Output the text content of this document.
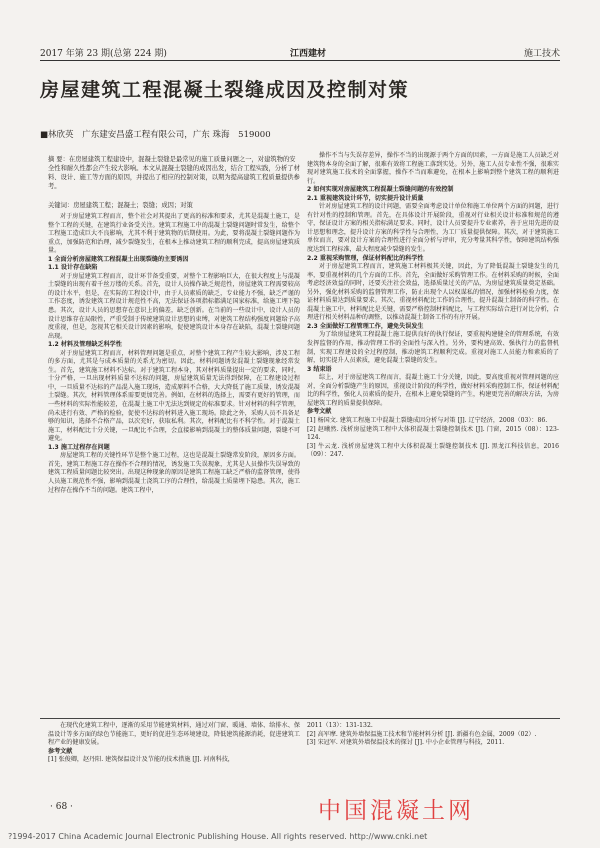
2017 年第 23 期(总第 224 期)	江西建材	施工技术
房屋建筑工程混凝土裂缝成因及控制对策
■林欣英 广东建安昌盛工程有限公司，广东 珠海 519000
摘 要：在房屋建筑工程建设中，混凝土裂缝是最常见的施工质量问题之一，对建筑物的安全性和耐久性都会产生较大影响。本文从混凝土裂缝的成因出发，结合工程实践，分析了材料、设计、施工等方面的原因，并提出了相应的控制对策，以期为提高建筑工程质量提供参考。
关键词：房屋建筑工程；混凝土；裂缝；成因；对策

对于房屋建筑工程而言，整个社会对其提出了更高的标准和要求，尤其是混凝土施工，是整个工程的关键，在建筑行业备受关注。建筑工程施工中的混凝土裂缝问题时常发生，给整个工程施工造成巨大不良影响，尤其不利于建筑物的后期使用。为此，要将混凝土裂缝问题作为重点，加强防范和治理，减少裂缝发生，在根本上推动建筑工程的顺利完成，提高房屋建筑质量。

1 全面分析房屋建筑工程混凝土出现裂缝的主要诱因

1.1 设计存在缺陷

对于房屋建筑工程而言，设计环节备受重要，对整个工程影响巨大，在很大程度上与混凝土裂缝的出现有着千丝万缕的关系。首先，设计人员操作缺乏规范性，房屋建筑工程需要较高的设计水平，但是，在实际的工程设计中，由于人员素质的缺乏，专业能力不强，缺乏严谨的工作态度，诱发建筑工程设计规范性不高，无法保证各项指标都满足国家标准，给施工埋下隐患。其次，设计人员的思想存在意识上的偏差，缺乏创新。在当前的一些设计中，设计人员的设计思维存在局限性，严重受制于传统建筑设计思想的束缚，对建筑工程结构强度问题给予高度重视，但是，忽视其它相关设计因素的影响，促使建筑设计本身存在缺陷，混凝土裂缝问题出现。

1.2 材料及管理缺乏科学性

对于房屋建筑工程而言，材料管理问题是重点，对整个建筑工程产生较大影响，涉及工程的多方面，尤其是与成本质量的关系尤为密切。因此，材料问题诱发混凝土裂缝现象经常发生。首先，建筑施工材料不达标。对于建筑工程本身，其对材料质量提出一定的要求，同时，十分严格，一旦出现材料质量不达标的问题，房屋建筑质量无法得到保障，在工程建设过程中，一旦质量不达标的产品混入施工现场，造成原料不合格，大大降低了施工质量，诱发混凝土裂缝。其次，材料管理体系需要更加完善。例如，在材料的选择上，需要有更好的管理，而一些材料的实际性能较差，在混凝土施工中无法达到规定的标准要求。针对材料的科学管理，尚未进行有效、严格的检验，促使不达标的材料进入施工现场。除此之外，采购人员不具备足够的知识，选择不合格产品，以次充好，获取私利。其次，材料配比有不科学性。对于混凝土施工，材料配比十分关键，一旦配比不合理，会直接影响到混凝土的整体质量问题，裂缝不可避免。

1.3 施工过程存在问题

房屋建筑工程的关键性环节是整个施工过程，这也是混凝土裂缝常发阶段，原因多方面。首先，建筑工程施工存在操作不合理的情况，诱发施工失误现象，尤其是人员操作失误导致的建筑工程质量问题比较突出。出现这种现象的原因是建筑工程施工缺乏严格的监督管理，使得人员施工规范性不强，影响到混凝土浇筑工序的合理性，给混凝土质量埋下隐患。其次，施工过程存在操作不当的问题。建筑工程中，

操作不当与失误存差异，操作不当的出现源于两个方面的因素，一方面是施工人员缺乏对建筑物本身的全面了解，很难有效将工程施工落到实处。另外，施工人员专业性不强，很难实现对建筑施工技术的全面掌握，操作不当而难避免，在根本上影响到整个建筑工程的顺利进行。

2 如何实现对房屋建筑工程混凝土裂缝问题的有效控制

2.1 重视建筑设计环节，切实提升设计质量

针对房屋建筑工程的设计问题，需要全面考虑设计单位和施工单位两个方面的问题，进行有针对性的控制和管理。首先，在具体设计开展阶段，重视对行业相关设计标准和规范的遵守，保证设计方案的相关指标满足要求。同时，设计人员要提升专业素养，善于应用先进的设计思想和理念，提升设计方案的科学性与合理性，为工厂质量提供保障。其次，对于建筑施工单位而言，要对设计方案的合理性进行全面分析与评审，充分考量其科学性，保障建筑结构强度达到工程标准，最大程度减少裂缝的发生。

2.2 重视采购管理，保证材料配比的科学性

对于房屋建筑工程而言，建筑施工材料极其关键，因此，为了降低混凝土裂缝发生的几率，要重视材料的几个方面的工作。首先，全面做好采购管理工作。在材料采购的时候，全面考虑经济效益的同时，还要关注社会效益，选择质量过关的产品，为房屋建筑质量奠定基础。另外，强化材料采购的监督管理工作，防止出现个人以权谋私的情况，加强材料检验力度，保证材料质量达到质量要求。其次，重视材料配比工作的合理性，提升混凝土制备的科学性。在混凝土施工中，材料配比是关键，需要严格控制材料配比，与工程实际结合进行对比分析，合理进行相关材料品种的调整，以推动混凝土制备工作的有序开展。

2.3 全面做好工程管理工作，避免失误发生

为了给房屋建筑工程混凝土施工提供良好的执行保证，要重视构建健全的管理系统，有效发挥监督的作用，推动管理工作的全面性与深入性。另外，要构建高效、强执行力的监督机制，实现工程建设的全过程控制，推动建筑工程顺利完成。重视对施工人员能力和素质的了解，切实提升人员素质，避免混凝土裂缝的发生。

3 结束语

综上，对于房屋建筑工程而言，混凝土施工十分关键，因此，要高度重视对管理问题的应对，全面分析裂缝产生的原因，重视设计阶段的科学性，做好材料采购控制工作，保证材料配比的科学性，强化人员素质的提升，在根本上避免裂缝的产生，构建更完善的解决方法，为房屋建筑工程的质量提供保障。

参考文献

[1] 杨国文. 建筑工程施工中混凝土裂缝成因分析与对策 [J]. 辽宁经济，2008（03）：86.

[2] 赵曦然. 浅析房屋建筑工程中大体积混凝土裂缝控制技术 [J]. 门窗，2015（08）：123-124.

[3] 牛云龙. 浅析房屋建筑工程中大体积混凝土裂缝控制技术 [J]. 黑龙江科技信息，2016（09）：247.

在现代化建筑工程中，逐渐的采用节能建筑材料，通过对门窗、暖通、墙体、给排水、保温设计等多方面的绿色节能施工，更好的促进生态环境建设，降低建筑能源消耗，促进建筑工程产业的健康发展。

参考文献

[1] 张俊卿，赵丹阳. 建筑保温设计及节能的技术措施 [J]. 河南科技，

2011（13）：131-132.

[2] 高军摩. 建筑外墙保温施工技术和节能材料分析 [J]. 新疆有色金属，2009（02）.

[3] 宋冠军. 对建筑外墙保温技术的探讨 [J]. 中小企业管理与科技，2011.

· 68 ·	中国混凝土网
?1994-2017 China Academic Journal Electronic Publishing House. All rights reserved. http://www.cnki.net
